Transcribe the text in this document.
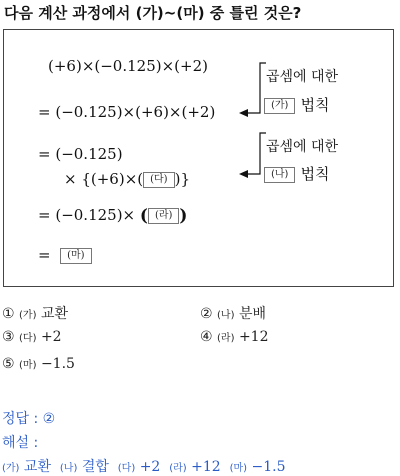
다음 계산 과정에서 (가)~(마) 중 틀린 것은?
(+6)×(−0.125)×(+2)
= (−0.125)×(+6)×(+2)
= (−0.125)
× {(+6)×( (다) )}
= (−0.125)× ( (라) )
= (마)
곱셈에 대한
(가) 법칙
곱셈에 대한
(나) 법칙
① (가) 교환	② (나) 분배
③ (다) +2	④ (라) +12
⑤ (마) −1.5
정답 : ②
해설 :
(가) 교환 (나) 결합 (다) +2 (라) +12 (마) −1.5
